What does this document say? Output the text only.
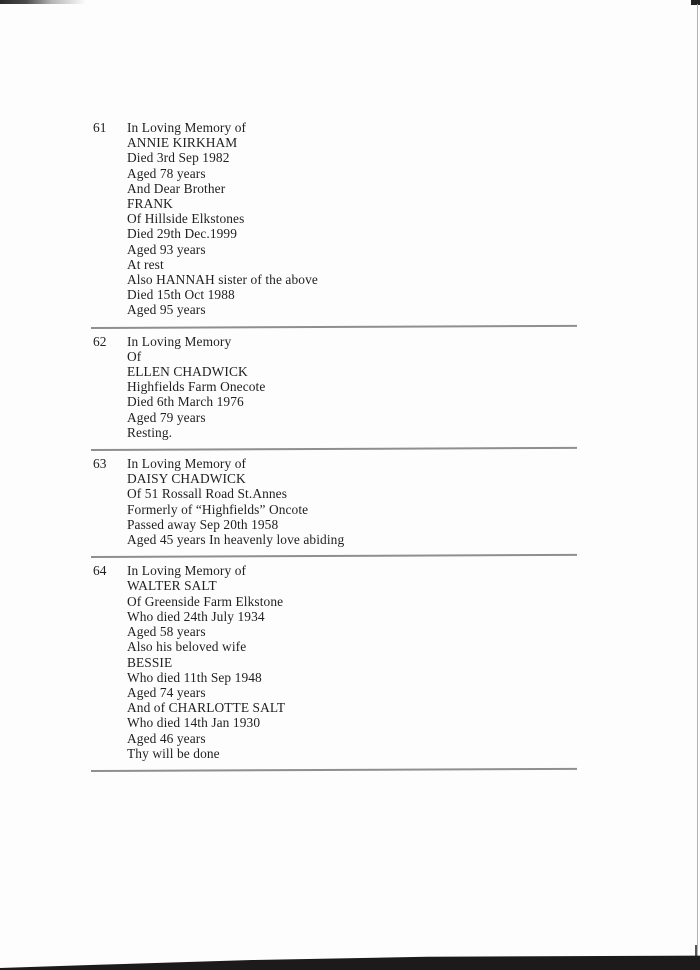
61	In Loving Memory of
ANNIE KIRKHAM
Died 3rd Sep 1982
Aged 78 years
And Dear Brother
FRANK
Of Hillside Elkstones
Died 29th Dec.1999
Aged 93 years
At rest
Also HANNAH sister of the above
Died 15th Oct 1988
Aged 95 years
62	In Loving Memory
Of
ELLEN CHADWICK
Highfields Farm Onecote
Died 6th March 1976
Aged 79 years
Resting.
63	In Loving Memory of
DAISY CHADWICK
Of 51 Rossall Road St.Annes
Formerly of “Highfields” Oncote
Passed away Sep 20th 1958
Aged 45 years In heavenly love abiding
64	In Loving Memory of
WALTER SALT
Of Greenside Farm Elkstone
Who died 24th July 1934
Aged 58 years
Also his beloved wife
BESSIE
Who died 11th Sep 1948
Aged 74 years
And of CHARLOTTE SALT
Who died 14th Jan 1930
Aged 46 years
Thy will be done
